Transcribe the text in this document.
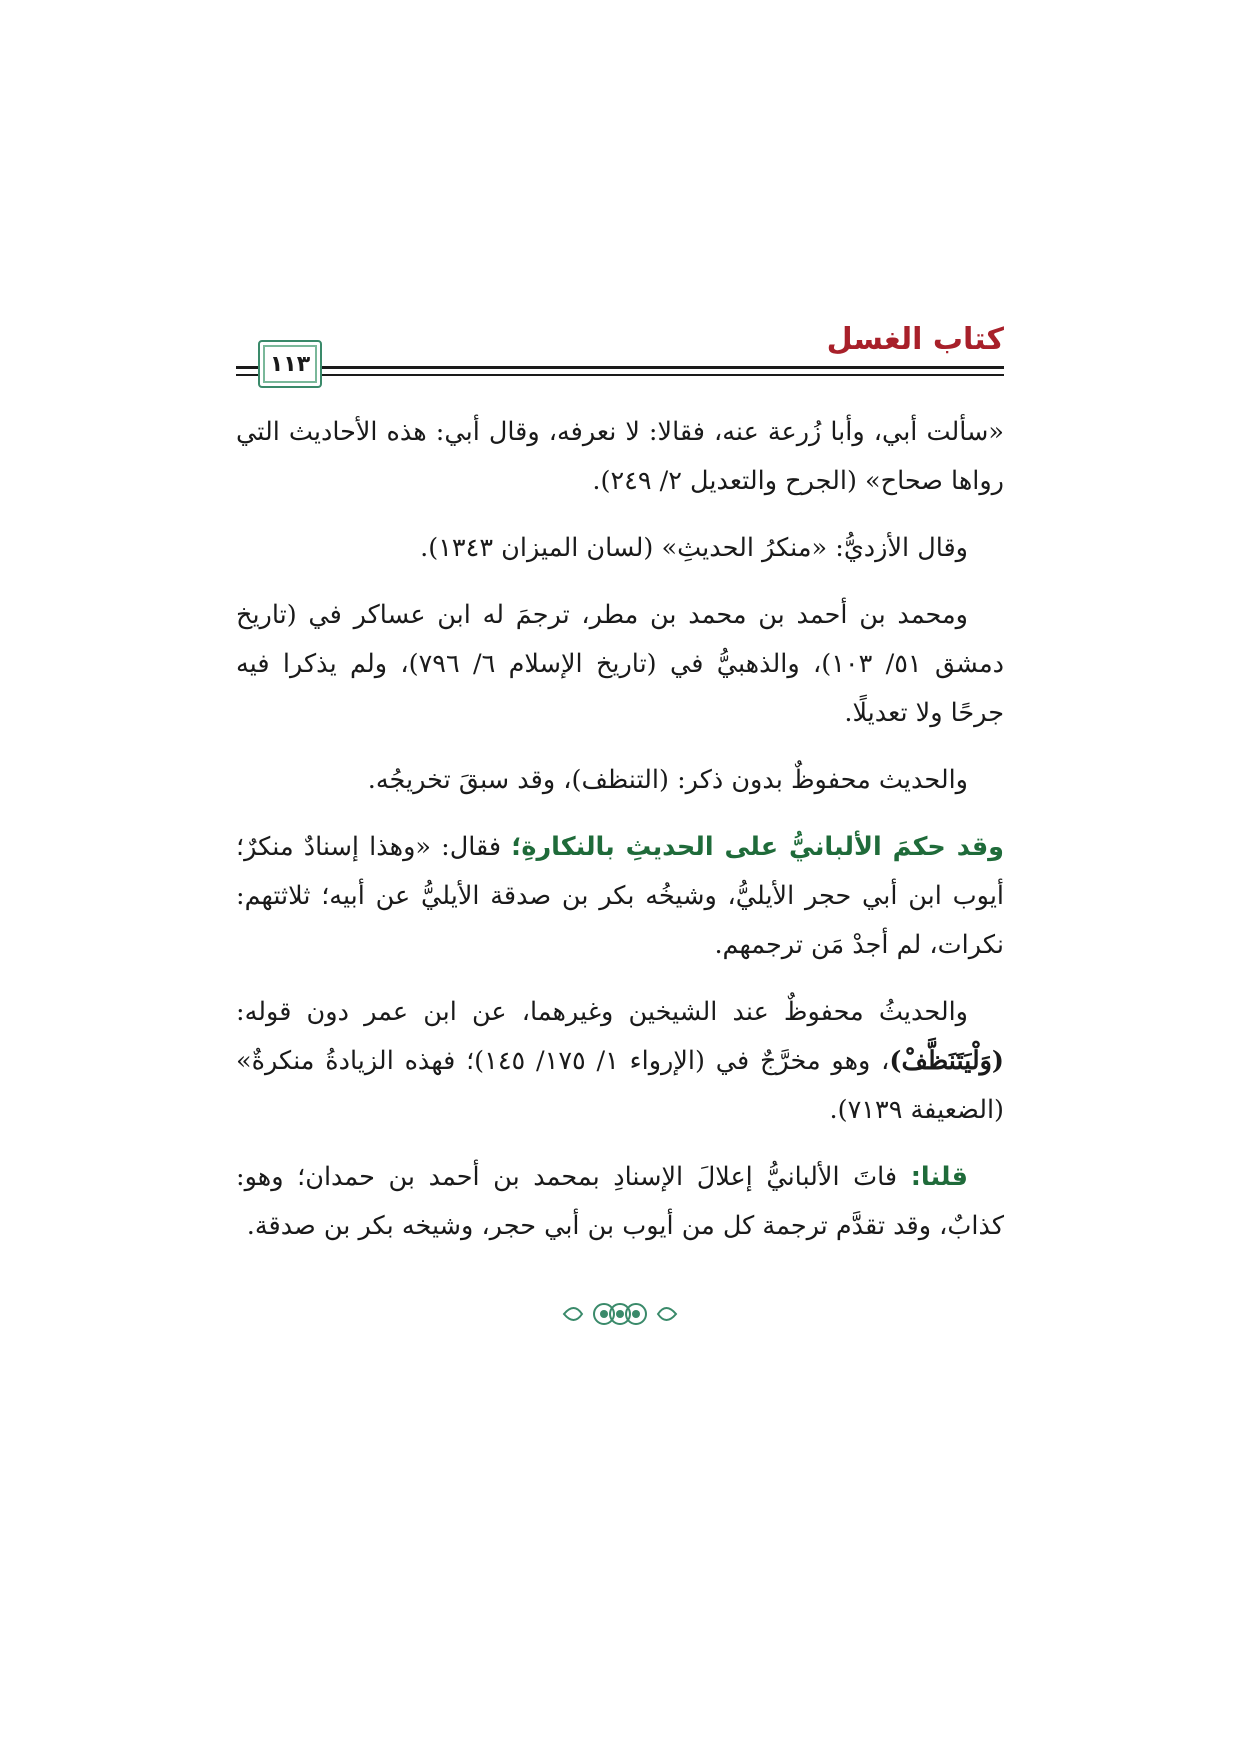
كتاب الغسل
١١٣

«سألت أبي، وأبا زُرعة عنه، فقالا: لا نعرفه، وقال أبي: هذه الأحاديث التي رواها صحاح» (الجرح والتعديل ٢/ ٢٤٩).

وقال الأزديُّ: «منكرُ الحديثِ» (لسان الميزان ١٣٤٣).

ومحمد بن أحمد بن محمد بن مطر، ترجمَ له ابن عساكر في (تاريخ دمشق ٥١/ ١٠٣)، والذهبيُّ في (تاريخ الإسلام ٦/ ٧٩٦)، ولم يذكرا فيه جرحًا ولا تعديلًا.

والحديث محفوظٌ بدون ذكر: (التنظف)، وقد سبقَ تخريجُه.

وقد حكمَ الألبانيُّ على الحديثِ بالنكارةِ؛ فقال: «وهذا إسنادٌ منكرٌ؛ أيوب ابن أبي حجر الأيليُّ، وشيخُه بكر بن صدقة الأيليُّ عن أبيه؛ ثلاثتهم: نكرات، لم أجدْ مَن ترجمهم.

والحديثُ محفوظٌ عند الشيخين وغيرهما، عن ابن عمر دون قوله: (وَلْيَتَنَظَّفْ)، وهو مخرَّجٌ في (الإرواء ١/ ١٧٥/ ١٤٥)؛ فهذه الزيادةُ منكرةٌ» (الضعيفة ٧١٣٩).

قلنا: فاتَ الألبانيُّ إعلالَ الإسنادِ بمحمد بن أحمد بن حمدان؛ وهو: كذابٌ، وقد تقدَّم ترجمة كل من أيوب بن أبي حجر، وشيخه بكر بن صدقة.
